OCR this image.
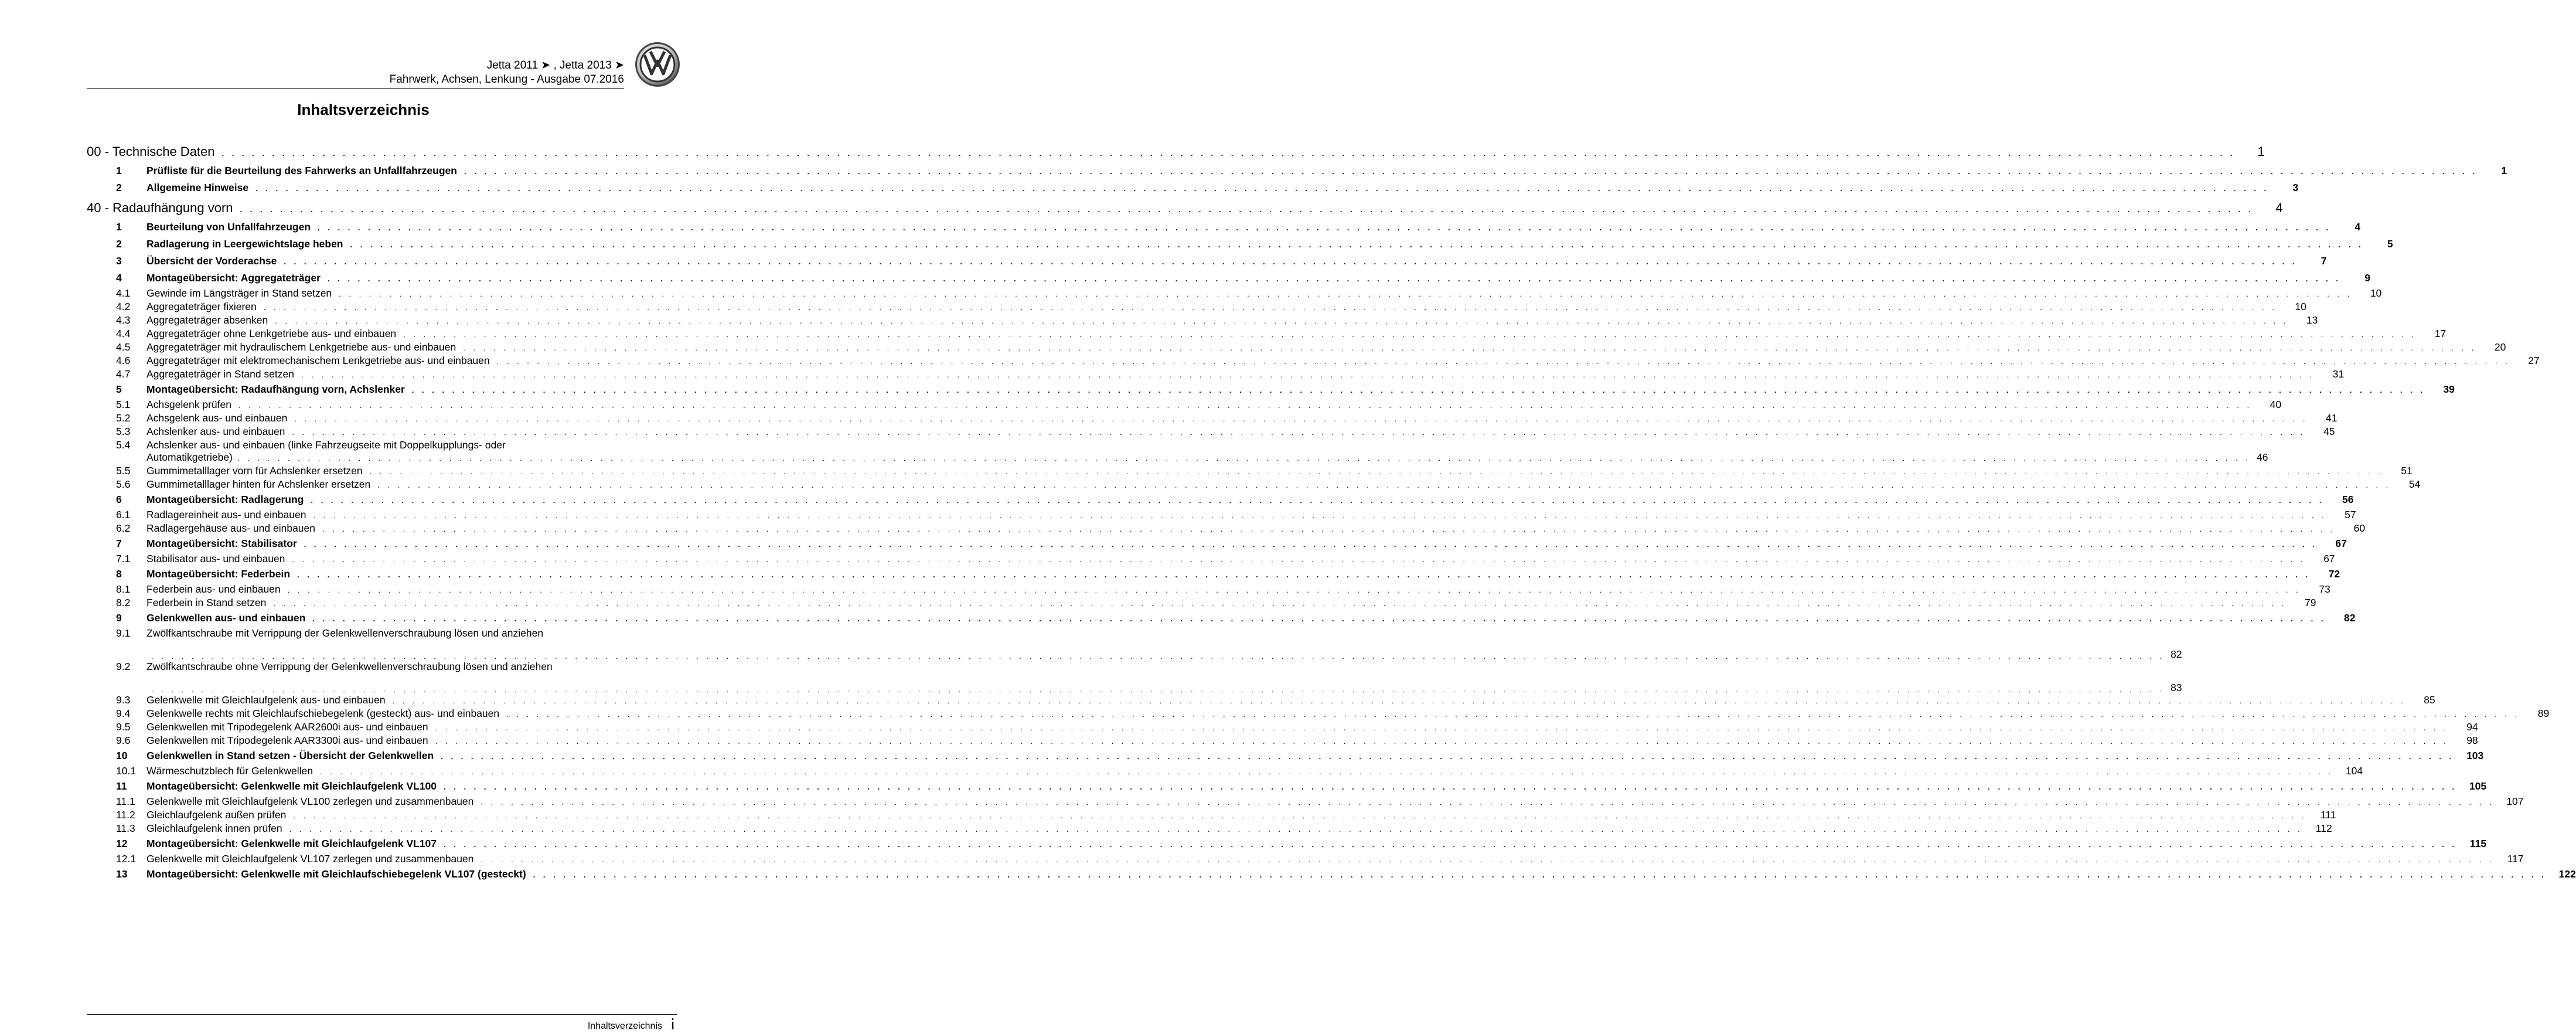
Jetta 2011 ➤ , Jetta 2013 ➤
Fahrwerk, Achsen, Lenkung - Ausgabe 07.2016
Inhaltsverzeichnis
00 - Technische Daten . . . . . . . . . . . . . . . . . . . . . . . . . . . . . . . . . . . . . . . . . . . . . . . . . . . . . . . . . . . . . . . . . . . . . . . . . . . . . . . . . . . . . . . . . . . . . . . . . . . . . . . . . . . . . . . . . . . . . . . . . . . . . . . . . . . . . . . . . . . . . . . . . . . . . . . . . . . . . . . . . . . . . . . . . . . . . . . . . . . . . . . . . . . . . . . . . . . . . . . .	1
1	Prüfliste für die Beurteilung des Fahrwerks an Unfallfahrzeugen . . . . . . . . . . . . . . . . . . . . . . . . . . . . . . . . . . . . . . . . . . . . . . . . . . . . . . . . . . . . . . . . . . . . . . . . . . . . . . . . . . . . . . . . . . . . . . . . . . . . . . . . . . . . . . . . . . . . . . . . . . . . . . . . . . . . . . . . . . . . . . . . . . . . . . . . . . . . . . . . . . . . . . . . . . . . . . . . . . . . . . . . . . . . . . . . . . . . . . . .	1
2	Allgemeine Hinweise . . . . . . . . . . . . . . . . . . . . . . . . . . . . . . . . . . . . . . . . . . . . . . . . . . . . . . . . . . . . . . . . . . . . . . . . . . . . . . . . . . . . . . . . . . . . . . . . . . . . . . . . . . . . . . . . . . . . . . . . . . . . . . . . . . . . . . . . . . . . . . . . . . . . . . . . . . . . . . . . . . . . . . . . . . . . . . . . . . . . . . . . . . . . . . . . . . . . . . . .	3
40 - Radaufhängung vorn . . . . . . . . . . . . . . . . . . . . . . . . . . . . . . . . . . . . . . . . . . . . . . . . . . . . . . . . . . . . . . . . . . . . . . . . . . . . . . . . . . . . . . . . . . . . . . . . . . . . . . . . . . . . . . . . . . . . . . . . . . . . . . . . . . . . . . . . . . . . . . . . . . . . . . . . . . . . . . . . . . . . . . . . . . . . . . . . . . . . . . . . . . . . . . . . . . . . . . . .	4
1	Beurteilung von Unfallfahrzeugen . . . . . . . . . . . . . . . . . . . . . . . . . . . . . . . . . . . . . . . . . . . . . . . . . . . . . . . . . . . . . . . . . . . . . . . . . . . . . . . . . . . . . . . . . . . . . . . . . . . . . . . . . . . . . . . . . . . . . . . . . . . . . . . . . . . . . . . . . . . . . . . . . . . . . . . . . . . . . . . . . . . . . . . . . . . . . . . . . . . . . . . . . . . . . . . . . . . . . . . .	4
2	Radlagerung in Leergewichtslage heben . . . . . . . . . . . . . . . . . . . . . . . . . . . . . . . . . . . . . . . . . . . . . . . . . . . . . . . . . . . . . . . . . . . . . . . . . . . . . . . . . . . . . . . . . . . . . . . . . . . . . . . . . . . . . . . . . . . . . . . . . . . . . . . . . . . . . . . . . . . . . . . . . . . . . . . . . . . . . . . . . . . . . . . . . . . . . . . . . . . . . . . . . . . . . . . . . . . . . . . .	5
3	Übersicht der Vorderachse . . . . . . . . . . . . . . . . . . . . . . . . . . . . . . . . . . . . . . . . . . . . . . . . . . . . . . . . . . . . . . . . . . . . . . . . . . . . . . . . . . . . . . . . . . . . . . . . . . . . . . . . . . . . . . . . . . . . . . . . . . . . . . . . . . . . . . . . . . . . . . . . . . . . . . . . . . . . . . . . . . . . . . . . . . . . . . . . . . . . . . . . . . . . . . . . . . . . . . . .	7
4	Montageübersicht: Aggregateträger . . . . . . . . . . . . . . . . . . . . . . . . . . . . . . . . . . . . . . . . . . . . . . . . . . . . . . . . . . . . . . . . . . . . . . . . . . . . . . . . . . . . . . . . . . . . . . . . . . . . . . . . . . . . . . . . . . . . . . . . . . . . . . . . . . . . . . . . . . . . . . . . . . . . . . . . . . . . . . . . . . . . . . . . . . . . . . . . . . . . . . . . . . . . . . . . . . . . . . . .	9
4.1	Gewinde im Längsträger in Stand setzen . . . . . . . . . . . . . . . . . . . . . . . . . . . . . . . . . . . . . . . . . . . . . . . . . . . . . . . . . . . . . . . . . . . . . . . . . . . . . . . . . . . . . . . . . . . . . . . . . . . . . . . . . . . . . . . . . . . . . . . . . . . . . . . . . . . . . . . . . . . . . . . . . . . . . . . . . . . . . . . . . . . . . . . . . . . . . . . . . . . . . . . . . . . . . . . . . . . . . . . .	10
4.2	Aggregateträger fixieren . . . . . . . . . . . . . . . . . . . . . . . . . . . . . . . . . . . . . . . . . . . . . . . . . . . . . . . . . . . . . . . . . . . . . . . . . . . . . . . . . . . . . . . . . . . . . . . . . . . . . . . . . . . . . . . . . . . . . . . . . . . . . . . . . . . . . . . . . . . . . . . . . . . . . . . . . . . . . . . . . . . . . . . . . . . . . . . . . . . . . . . . . . . . . . . . . . . . . . . .	10
4.3	Aggregateträger absenken . . . . . . . . . . . . . . . . . . . . . . . . . . . . . . . . . . . . . . . . . . . . . . . . . . . . . . . . . . . . . . . . . . . . . . . . . . . . . . . . . . . . . . . . . . . . . . . . . . . . . . . . . . . . . . . . . . . . . . . . . . . . . . . . . . . . . . . . . . . . . . . . . . . . . . . . . . . . . . . . . . . . . . . . . . . . . . . . . . . . . . . . . . . . . . . . . . . . . . . .	13
4.4	Aggregateträger ohne Lenkgetriebe aus- und einbauen . . . . . . . . . . . . . . . . . . . . . . . . . . . . . . . . . . . . . . . . . . . . . . . . . . . . . . . . . . . . . . . . . . . . . . . . . . . . . . . . . . . . . . . . . . . . . . . . . . . . . . . . . . . . . . . . . . . . . . . . . . . . . . . . . . . . . . . . . . . . . . . . . . . . . . . . . . . . . . . . . . . . . . . . . . . . . . . . . . . . . . . . . . . . . . . . . . . . . . . .	17
4.5	Aggregateträger mit hydraulischem Lenkgetriebe aus- und einbauen . . . . . . . . . . . . . . . . . . . . . . . . . . . . . . . . . . . . . . . . . . . . . . . . . . . . . . . . . . . . . . . . . . . . . . . . . . . . . . . . . . . . . . . . . . . . . . . . . . . . . . . . . . . . . . . . . . . . . . . . . . . . . . . . . . . . . . . . . . . . . . . . . . . . . . . . . . . . . . . . . . . . . . . . . . . . . . . . . . . . . . . . . . . . . . . . . . . . . . . .	20
4.6	Aggregateträger mit elektromechanischem Lenkgetriebe aus- und einbauen . . . . . . . . . . . . . . . . . . . . . . . . . . . . . . . . . . . . . . . . . . . . . . . . . . . . . . . . . . . . . . . . . . . . . . . . . . . . . . . . . . . . . . . . . . . . . . . . . . . . . . . . . . . . . . . . . . . . . . . . . . . . . . . . . . . . . . . . . . . . . . . . . . . . . . . . . . . . . . . . . . . . . . . . . . . . . . . . . . . . . . . . . . . . . . . . . . . . . . . .	27
4.7	Aggregateträger in Stand setzen . . . . . . . . . . . . . . . . . . . . . . . . . . . . . . . . . . . . . . . . . . . . . . . . . . . . . . . . . . . . . . . . . . . . . . . . . . . . . . . . . . . . . . . . . . . . . . . . . . . . . . . . . . . . . . . . . . . . . . . . . . . . . . . . . . . . . . . . . . . . . . . . . . . . . . . . . . . . . . . . . . . . . . . . . . . . . . . . . . . . . . . . . . . . . . . . . . . . . . . .	31
5	Montageübersicht: Radaufhängung vorn, Achslenker . . . . . . . . . . . . . . . . . . . . . . . . . . . . . . . . . . . . . . . . . . . . . . . . . . . . . . . . . . . . . . . . . . . . . . . . . . . . . . . . . . . . . . . . . . . . . . . . . . . . . . . . . . . . . . . . . . . . . . . . . . . . . . . . . . . . . . . . . . . . . . . . . . . . . . . . . . . . . . . . . . . . . . . . . . . . . . . . . . . . . . . . . . . . . . . . . . . . . . . .	39
5.1	Achsgelenk prüfen . . . . . . . . . . . . . . . . . . . . . . . . . . . . . . . . . . . . . . . . . . . . . . . . . . . . . . . . . . . . . . . . . . . . . . . . . . . . . . . . . . . . . . . . . . . . . . . . . . . . . . . . . . . . . . . . . . . . . . . . . . . . . . . . . . . . . . . . . . . . . . . . . . . . . . . . . . . . . . . . . . . . . . . . . . . . . . . . . . . . . . . . . . . . . . . . . . . . . . . .	40
5.2	Achsgelenk aus- und einbauen . . . . . . . . . . . . . . . . . . . . . . . . . . . . . . . . . . . . . . . . . . . . . . . . . . . . . . . . . . . . . . . . . . . . . . . . . . . . . . . . . . . . . . . . . . . . . . . . . . . . . . . . . . . . . . . . . . . . . . . . . . . . . . . . . . . . . . . . . . . . . . . . . . . . . . . . . . . . . . . . . . . . . . . . . . . . . . . . . . . . . . . . . . . . . . . . . . . . . . . .	41
5.3	Achslenker aus- und einbauen . . . . . . . . . . . . . . . . . . . . . . . . . . . . . . . . . . . . . . . . . . . . . . . . . . . . . . . . . . . . . . . . . . . . . . . . . . . . . . . . . . . . . . . . . . . . . . . . . . . . . . . . . . . . . . . . . . . . . . . . . . . . . . . . . . . . . . . . . . . . . . . . . . . . . . . . . . . . . . . . . . . . . . . . . . . . . . . . . . . . . . . . . . . . . . . . . . . . . . . .	45
5.4	Achslenker aus- und einbauen (linke Fahrzeugseite mit Doppelkupplungs- oder
Automatikgetriebe) . . . . . . . . . . . . . . . . . . . . . . . . . . . . . . . . . . . . . . . . . . . . . . . . . . . . . . . . . . . . . . . . . . . . . . . . . . . . . . . . . . . . . . . . . . . . . . . . . . . . . . . . . . . . . . . . . . . . . . . . . . . . . . . . . . . . . . . . . . . . . . . . . . . . . . . . . . . . . . . . . . . . . . . . . . . . . . . . . . . . . . . . . . . . . . . . . . . . . . . . 46
5.5	Gummimetalllager vorn für Achslenker ersetzen . . . . . . . . . . . . . . . . . . . . . . . . . . . . . . . . . . . . . . . . . . . . . . . . . . . . . . . . . . . . . . . . . . . . . . . . . . . . . . . . . . . . . . . . . . . . . . . . . . . . . . . . . . . . . . . . . . . . . . . . . . . . . . . . . . . . . . . . . . . . . . . . . . . . . . . . . . . . . . . . . . . . . . . . . . . . . . . . . . . . . . . . . . . . . . . . . . . . . . . .	51
5.6	Gummimetalllager hinten für Achslenker ersetzen . . . . . . . . . . . . . . . . . . . . . . . . . . . . . . . . . . . . . . . . . . . . . . . . . . . . . . . . . . . . . . . . . . . . . . . . . . . . . . . . . . . . . . . . . . . . . . . . . . . . . . . . . . . . . . . . . . . . . . . . . . . . . . . . . . . . . . . . . . . . . . . . . . . . . . . . . . . . . . . . . . . . . . . . . . . . . . . . . . . . . . . . . . . . . . . . . . . . . . . .	54
6	Montageübersicht: Radlagerung . . . . . . . . . . . . . . . . . . . . . . . . . . . . . . . . . . . . . . . . . . . . . . . . . . . . . . . . . . . . . . . . . . . . . . . . . . . . . . . . . . . . . . . . . . . . . . . . . . . . . . . . . . . . . . . . . . . . . . . . . . . . . . . . . . . . . . . . . . . . . . . . . . . . . . . . . . . . . . . . . . . . . . . . . . . . . . . . . . . . . . . . . . . . . . . . . . . . . . . .	56
6.1	Radlagereinheit aus- und einbauen . . . . . . . . . . . . . . . . . . . . . . . . . . . . . . . . . . . . . . . . . . . . . . . . . . . . . . . . . . . . . . . . . . . . . . . . . . . . . . . . . . . . . . . . . . . . . . . . . . . . . . . . . . . . . . . . . . . . . . . . . . . . . . . . . . . . . . . . . . . . . . . . . . . . . . . . . . . . . . . . . . . . . . . . . . . . . . . . . . . . . . . . . . . . . . . . . . . . . . . .	57
6.2	Radlagergehäuse aus- und einbauen . . . . . . . . . . . . . . . . . . . . . . . . . . . . . . . . . . . . . . . . . . . . . . . . . . . . . . . . . . . . . . . . . . . . . . . . . . . . . . . . . . . . . . . . . . . . . . . . . . . . . . . . . . . . . . . . . . . . . . . . . . . . . . . . . . . . . . . . . . . . . . . . . . . . . . . . . . . . . . . . . . . . . . . . . . . . . . . . . . . . . . . . . . . . . . . . . . . . . . . .	60
7	Montageübersicht: Stabilisator . . . . . . . . . . . . . . . . . . . . . . . . . . . . . . . . . . . . . . . . . . . . . . . . . . . . . . . . . . . . . . . . . . . . . . . . . . . . . . . . . . . . . . . . . . . . . . . . . . . . . . . . . . . . . . . . . . . . . . . . . . . . . . . . . . . . . . . . . . . . . . . . . . . . . . . . . . . . . . . . . . . . . . . . . . . . . . . . . . . . . . . . . . . . . . . . . . . . . . . .	67
7.1	Stabilisator aus- und einbauen . . . . . . . . . . . . . . . . . . . . . . . . . . . . . . . . . . . . . . . . . . . . . . . . . . . . . . . . . . . . . . . . . . . . . . . . . . . . . . . . . . . . . . . . . . . . . . . . . . . . . . . . . . . . . . . . . . . . . . . . . . . . . . . . . . . . . . . . . . . . . . . . . . . . . . . . . . . . . . . . . . . . . . . . . . . . . . . . . . . . . . . . . . . . . . . . . . . . . . . .	67
8	Montageübersicht: Federbein . . . . . . . . . . . . . . . . . . . . . . . . . . . . . . . . . . . . . . . . . . . . . . . . . . . . . . . . . . . . . . . . . . . . . . . . . . . . . . . . . . . . . . . . . . . . . . . . . . . . . . . . . . . . . . . . . . . . . . . . . . . . . . . . . . . . . . . . . . . . . . . . . . . . . . . . . . . . . . . . . . . . . . . . . . . . . . . . . . . . . . . . . . . . . . . . . . . . . . . .	72
8.1	Federbein aus- und einbauen . . . . . . . . . . . . . . . . . . . . . . . . . . . . . . . . . . . . . . . . . . . . . . . . . . . . . . . . . . . . . . . . . . . . . . . . . . . . . . . . . . . . . . . . . . . . . . . . . . . . . . . . . . . . . . . . . . . . . . . . . . . . . . . . . . . . . . . . . . . . . . . . . . . . . . . . . . . . . . . . . . . . . . . . . . . . . . . . . . . . . . . . . . . . . . . . . . . . . . . .	73
8.2	Federbein in Stand setzen . . . . . . . . . . . . . . . . . . . . . . . . . . . . . . . . . . . . . . . . . . . . . . . . . . . . . . . . . . . . . . . . . . . . . . . . . . . . . . . . . . . . . . . . . . . . . . . . . . . . . . . . . . . . . . . . . . . . . . . . . . . . . . . . . . . . . . . . . . . . . . . . . . . . . . . . . . . . . . . . . . . . . . . . . . . . . . . . . . . . . . . . . . . . . . . . . . . . . . . .	79
9	Gelenkwellen aus- und einbauen . . . . . . . . . . . . . . . . . . . . . . . . . . . . . . . . . . . . . . . . . . . . . . . . . . . . . . . . . . . . . . . . . . . . . . . . . . . . . . . . . . . . . . . . . . . . . . . . . . . . . . . . . . . . . . . . . . . . . . . . . . . . . . . . . . . . . . . . . . . . . . . . . . . . . . . . . . . . . . . . . . . . . . . . . . . . . . . . . . . . . . . . . . . . . . . . . . . . . . . .	82
9.1	Zwölfkantschraube mit Verrippung der Gelenkwellenverschraubung lösen und anziehen
. . . . . . . . . . . . . . . . . . . . . . . . . . . . . . . . . . . . . . . . . . . . . . . . . . . . . . . . . . . . . . . . . . . . . . . . . . . . . . . . . . . . . . . . . . . . . . . . . . . . . . . . . . . . . . . . . . . . . . . . . . . . . . . . . . . . . . . . . . . . . . . . . . . . . . . . . . . . . . . . . . . . . . . . . . . . . . . . . . . . . . . . . . . . . . . . . . . . . . . . 82
9.2	Zwölfkantschraube ohne Verrippung der Gelenkwellenverschraubung lösen und anziehen
. . . . . . . . . . . . . . . . . . . . . . . . . . . . . . . . . . . . . . . . . . . . . . . . . . . . . . . . . . . . . . . . . . . . . . . . . . . . . . . . . . . . . . . . . . . . . . . . . . . . . . . . . . . . . . . . . . . . . . . . . . . . . . . . . . . . . . . . . . . . . . . . . . . . . . . . . . . . . . . . . . . . . . . . . . . . . . . . . . . . . . . . . . . . . . . . . . . . . . . . 83
9.3	Gelenkwelle mit Gleichlaufgelenk aus- und einbauen . . . . . . . . . . . . . . . . . . . . . . . . . . . . . . . . . . . . . . . . . . . . . . . . . . . . . . . . . . . . . . . . . . . . . . . . . . . . . . . . . . . . . . . . . . . . . . . . . . . . . . . . . . . . . . . . . . . . . . . . . . . . . . . . . . . . . . . . . . . . . . . . . . . . . . . . . . . . . . . . . . . . . . . . . . . . . . . . . . . . . . . . . . . . . . . . . . . . . . . .	85
9.4	Gelenkwelle rechts mit Gleichlaufschiebegelenk (gesteckt) aus- und einbauen . . . . . . . . . . . . . . . . . . . . . . . . . . . . . . . . . . . . . . . . . . . . . . . . . . . . . . . . . . . . . . . . . . . . . . . . . . . . . . . . . . . . . . . . . . . . . . . . . . . . . . . . . . . . . . . . . . . . . . . . . . . . . . . . . . . . . . . . . . . . . . . . . . . . . . . . . . . . . . . . . . . . . . . . . . . . . . . . . . . . . . . . . . . . . . . . . . . . . . . .	89
9.5	Gelenkwellen mit Tripodegelenk AAR2600i aus- und einbauen . . . . . . . . . . . . . . . . . . . . . . . . . . . . . . . . . . . . . . . . . . . . . . . . . . . . . . . . . . . . . . . . . . . . . . . . . . . . . . . . . . . . . . . . . . . . . . . . . . . . . . . . . . . . . . . . . . . . . . . . . . . . . . . . . . . . . . . . . . . . . . . . . . . . . . . . . . . . . . . . . . . . . . . . . . . . . . . . . . . . . . . . . . . . . . . . . . . . . . . .	94
9.6	Gelenkwellen mit Tripodegelenk AAR3300i aus- und einbauen . . . . . . . . . . . . . . . . . . . . . . . . . . . . . . . . . . . . . . . . . . . . . . . . . . . . . . . . . . . . . . . . . . . . . . . . . . . . . . . . . . . . . . . . . . . . . . . . . . . . . . . . . . . . . . . . . . . . . . . . . . . . . . . . . . . . . . . . . . . . . . . . . . . . . . . . . . . . . . . . . . . . . . . . . . . . . . . . . . . . . . . . . . . . . . . . . . . . . . . .	98
10	Gelenkwellen in Stand setzen - Übersicht der Gelenkwellen . . . . . . . . . . . . . . . . . . . . . . . . . . . . . . . . . . . . . . . . . . . . . . . . . . . . . . . . . . . . . . . . . . . . . . . . . . . . . . . . . . . . . . . . . . . . . . . . . . . . . . . . . . . . . . . . . . . . . . . . . . . . . . . . . . . . . . . . . . . . . . . . . . . . . . . . . . . . . . . . . . . . . . . . . . . . . . . . . . . . . . . . . . . . . . . . . . . . . . . .	103
10.1	Wärmeschutzblech für Gelenkwellen . . . . . . . . . . . . . . . . . . . . . . . . . . . . . . . . . . . . . . . . . . . . . . . . . . . . . . . . . . . . . . . . . . . . . . . . . . . . . . . . . . . . . . . . . . . . . . . . . . . . . . . . . . . . . . . . . . . . . . . . . . . . . . . . . . . . . . . . . . . . . . . . . . . . . . . . . . . . . . . . . . . . . . . . . . . . . . . . . . . . . . . . . . . . . . . . . . . . . . . .	104
11	Montageübersicht: Gelenkwelle mit Gleichlaufgelenk VL100 . . . . . . . . . . . . . . . . . . . . . . . . . . . . . . . . . . . . . . . . . . . . . . . . . . . . . . . . . . . . . . . . . . . . . . . . . . . . . . . . . . . . . . . . . . . . . . . . . . . . . . . . . . . . . . . . . . . . . . . . . . . . . . . . . . . . . . . . . . . . . . . . . . . . . . . . . . . . . . . . . . . . . . . . . . . . . . . . . . . . . . . . . . . . . . . . . . . . . . . .	105
11.1	Gelenkwelle mit Gleichlaufgelenk VL100 zerlegen und zusammenbauen . . . . . . . . . . . . . . . . . . . . . . . . . . . . . . . . . . . . . . . . . . . . . . . . . . . . . . . . . . . . . . . . . . . . . . . . . . . . . . . . . . . . . . . . . . . . . . . . . . . . . . . . . . . . . . . . . . . . . . . . . . . . . . . . . . . . . . . . . . . . . . . . . . . . . . . . . . . . . . . . . . . . . . . . . . . . . . . . . . . . . . . . . . . . . . . . . . . . . . . .	107
11.2	Gleichlaufgelenk außen prüfen . . . . . . . . . . . . . . . . . . . . . . . . . . . . . . . . . . . . . . . . . . . . . . . . . . . . . . . . . . . . . . . . . . . . . . . . . . . . . . . . . . . . . . . . . . . . . . . . . . . . . . . . . . . . . . . . . . . . . . . . . . . . . . . . . . . . . . . . . . . . . . . . . . . . . . . . . . . . . . . . . . . . . . . . . . . . . . . . . . . . . . . . . . . . . . . . . . . . . . . .	111
11.3	Gleichlaufgelenk innen prüfen . . . . . . . . . . . . . . . . . . . . . . . . . . . . . . . . . . . . . . . . . . . . . . . . . . . . . . . . . . . . . . . . . . . . . . . . . . . . . . . . . . . . . . . . . . . . . . . . . . . . . . . . . . . . . . . . . . . . . . . . . . . . . . . . . . . . . . . . . . . . . . . . . . . . . . . . . . . . . . . . . . . . . . . . . . . . . . . . . . . . . . . . . . . . . . . . . . . . . . . .	112
12	Montageübersicht: Gelenkwelle mit Gleichlaufgelenk VL107 . . . . . . . . . . . . . . . . . . . . . . . . . . . . . . . . . . . . . . . . . . . . . . . . . . . . . . . . . . . . . . . . . . . . . . . . . . . . . . . . . . . . . . . . . . . . . . . . . . . . . . . . . . . . . . . . . . . . . . . . . . . . . . . . . . . . . . . . . . . . . . . . . . . . . . . . . . . . . . . . . . . . . . . . . . . . . . . . . . . . . . . . . . . . . . . . . . . . . . . .	115
12.1	Gelenkwelle mit Gleichlaufgelenk VL107 zerlegen und zusammenbauen . . . . . . . . . . . . . . . . . . . . . . . . . . . . . . . . . . . . . . . . . . . . . . . . . . . . . . . . . . . . . . . . . . . . . . . . . . . . . . . . . . . . . . . . . . . . . . . . . . . . . . . . . . . . . . . . . . . . . . . . . . . . . . . . . . . . . . . . . . . . . . . . . . . . . . . . . . . . . . . . . . . . . . . . . . . . . . . . . . . . . . . . . . . . . . . . . . . . . . . .	117
13	Montageübersicht: Gelenkwelle mit Gleichlaufschiebegelenk VL107 (gesteckt) . . . . . . . . . . . . . . . . . . . . . . . . . . . . . . . . . . . . . . . . . . . . . . . . . . . . . . . . . . . . . . . . . . . . . . . . . . . . . . . . . . . . . . . . . . . . . . . . . . . . . . . . . . . . . . . . . . . . . . . . . . . . . . . . . . . . . . . . . . . . . . . . . . . . . . . . . . . . . . . . . . . . . . . . . . . . . . . . . . . . . . . . . . . . . . . . . . . . . . . .	122
Inhaltsverzeichnis i
